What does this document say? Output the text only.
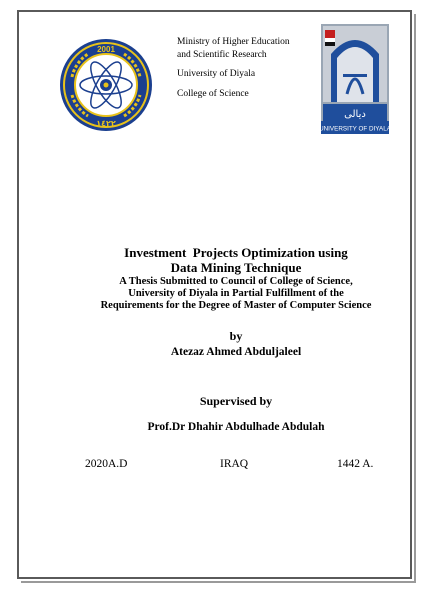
2001
١٤٢٢

Ministry of Higher Education
and Scientific Research

University of Diyala

College of Science

ديالى
UNIVERSITY OF DIYALA
Investment  Projects Optimization using
Data Mining Technique
A Thesis Submitted to Council of College of Science,
University of Diyala in Partial Fulfillment of the
Requirements for the Degree of Master of Computer Science
by
Atezaz Ahmed Abduljaleel
Supervised by
Prof.Dr Dhahir Abdulhade Abdulah
2020A.D	IRAQ	1442 A.
